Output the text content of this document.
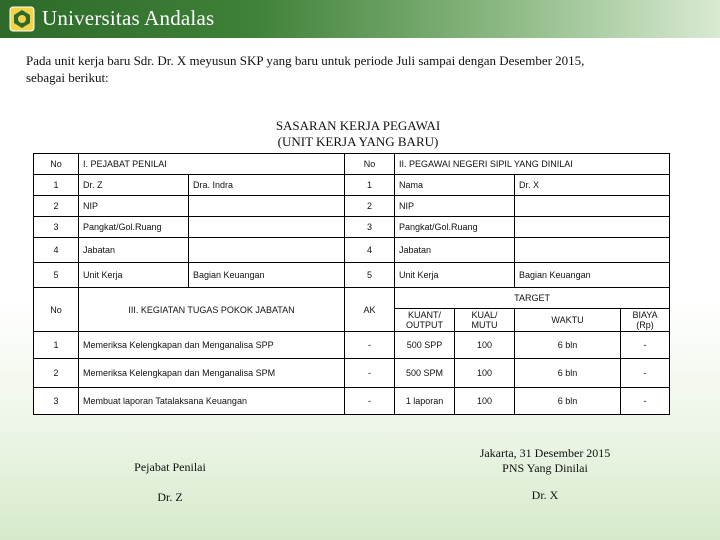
Universitas Andalas
Pada unit kerja baru Sdr. Dr. X meyusun SKP yang baru untuk periode Juli sampai dengan Desember 2015, sebagai berikut:
SASARAN KERJA PEGAWAI
(UNIT KERJA YANG BARU)
No	I. PEJABAT PENILAI		No	II. PEGAWAI NEGERI SIPIL YANG DINILAI			
1	Dr. Z	Dra. Indra	1	Nama		Dr. X	
2	NIP		2	NIP			
3	Pangkat/Gol.Ruang		3	Pangkat/Gol.Ruang			
4	Jabatan		4	Jabatan			
5	Unit Kerja	Bagian Keuangan	5	Unit Kerja		Bagian Keuangan	
No	III. KEGIATAN TUGAS POKOK JABATAN		AK	TARGET			
				KUANT/ OUTPUT	KUAL/ MUTU	WAKTU	BIAYA (Rp)
1	Memeriksa Kelengkapan dan Menganalisa SPP		-	500 SPP	100	6 bln	-
2	Memeriksa Kelengkapan dan Menganalisa SPM		-	500 SPM	100	6 bln	-
3	Membuat laporan Tatalaksana Keuangan		-	1 laporan	100	6 bln	-
Pejabat Penilai
Dr. Z
Jakarta, 31 Desember 2015
PNS Yang Dinilai
Dr. X
